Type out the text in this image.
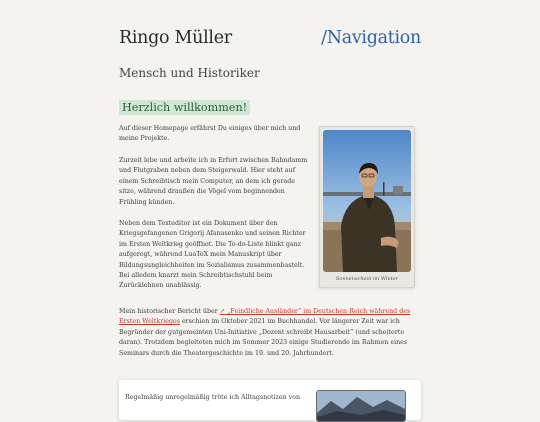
Ringo Müller	/Navigation
Mensch und Historiker
Herzlich willkommen!

Auf dieser Homepage erfährst Du einiges über mich und meine Projekte.

Zurzeit lebe und arbeite ich in Erfurt zwischen Bahndamm und Flutgraben neben dem Steigerwald. Hier steht auf einem Schreibtisch mein Computer, an dem ich gerade sitze, während draußen die Vögel vom beginnenden Frühling künden.

Neben dem Texteditor ist ein Dokument über den Kriegsgefangenen Grigorij Afanasenko und seinen Richter im Ersten Weltkrieg geöffnet. Die To-do-Liste blinkt ganz aufgeregt, während LuaTeX mein Manuskript über Bildungsungleichheiten im Sozialismus zusammenbastelt. Bei alledem knarzt mein Schreibtischstuhl beim Zurücklehnen unablässig.

Sonnenschein im Winter

Mein historischer Bericht über ↗ „Feindliche Ausländer“ im Deutschen Reich während des Ersten Weltkrieges erschien im Oktober 2021 im Buchhandel. Vor längerer Zeit war ich Begründer der gutgemeinten Uni-Initiative „Dozent schreibt Hausarbeit“ (und scheiterte daran). Trotzdem begleiteten mich im Sommer 2023 einige Studierende im Rahmen eines Seminars durch die Theatergeschichte im 19. und 20. Jahrhundert.

Regelmäßig unregelmäßig tröte ich Alltagsnotizen von
